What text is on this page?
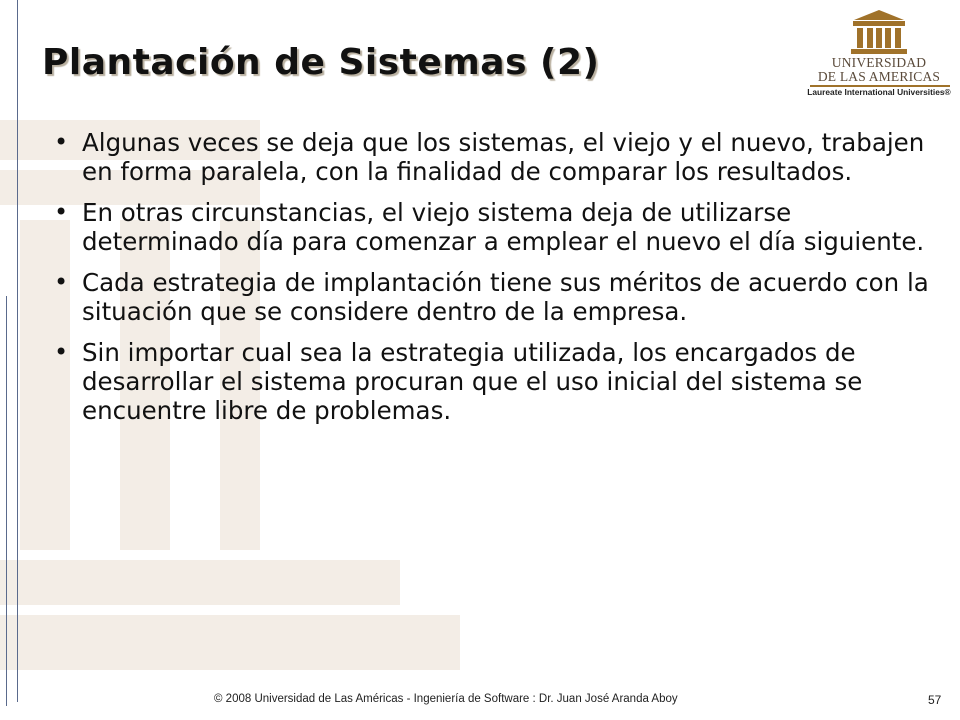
Plantación de Sistemas (2)	UNIVERSIDAD
DE LAS AMERICAS
Laureate International Universities®
• Algunas veces se deja que los sistemas, el viejo y el nuevo, trabajen en forma paralela, con la finalidad de comparar los resultados.
• En otras circunstancias, el viejo sistema deja de utilizarse determinado día para comenzar a emplear el nuevo el día siguiente.
• Cada estrategia de implantación tiene sus méritos de acuerdo con la situación que se considere dentro de la empresa.
• Sin importar cual sea la estrategia utilizada, los encargados de desarrollar el sistema procuran que el uso inicial del sistema se encuentre libre de problemas.
© 2008 Universidad de Las Américas - Ingeniería de Software : Dr. Juan José Aranda Aboy	57
